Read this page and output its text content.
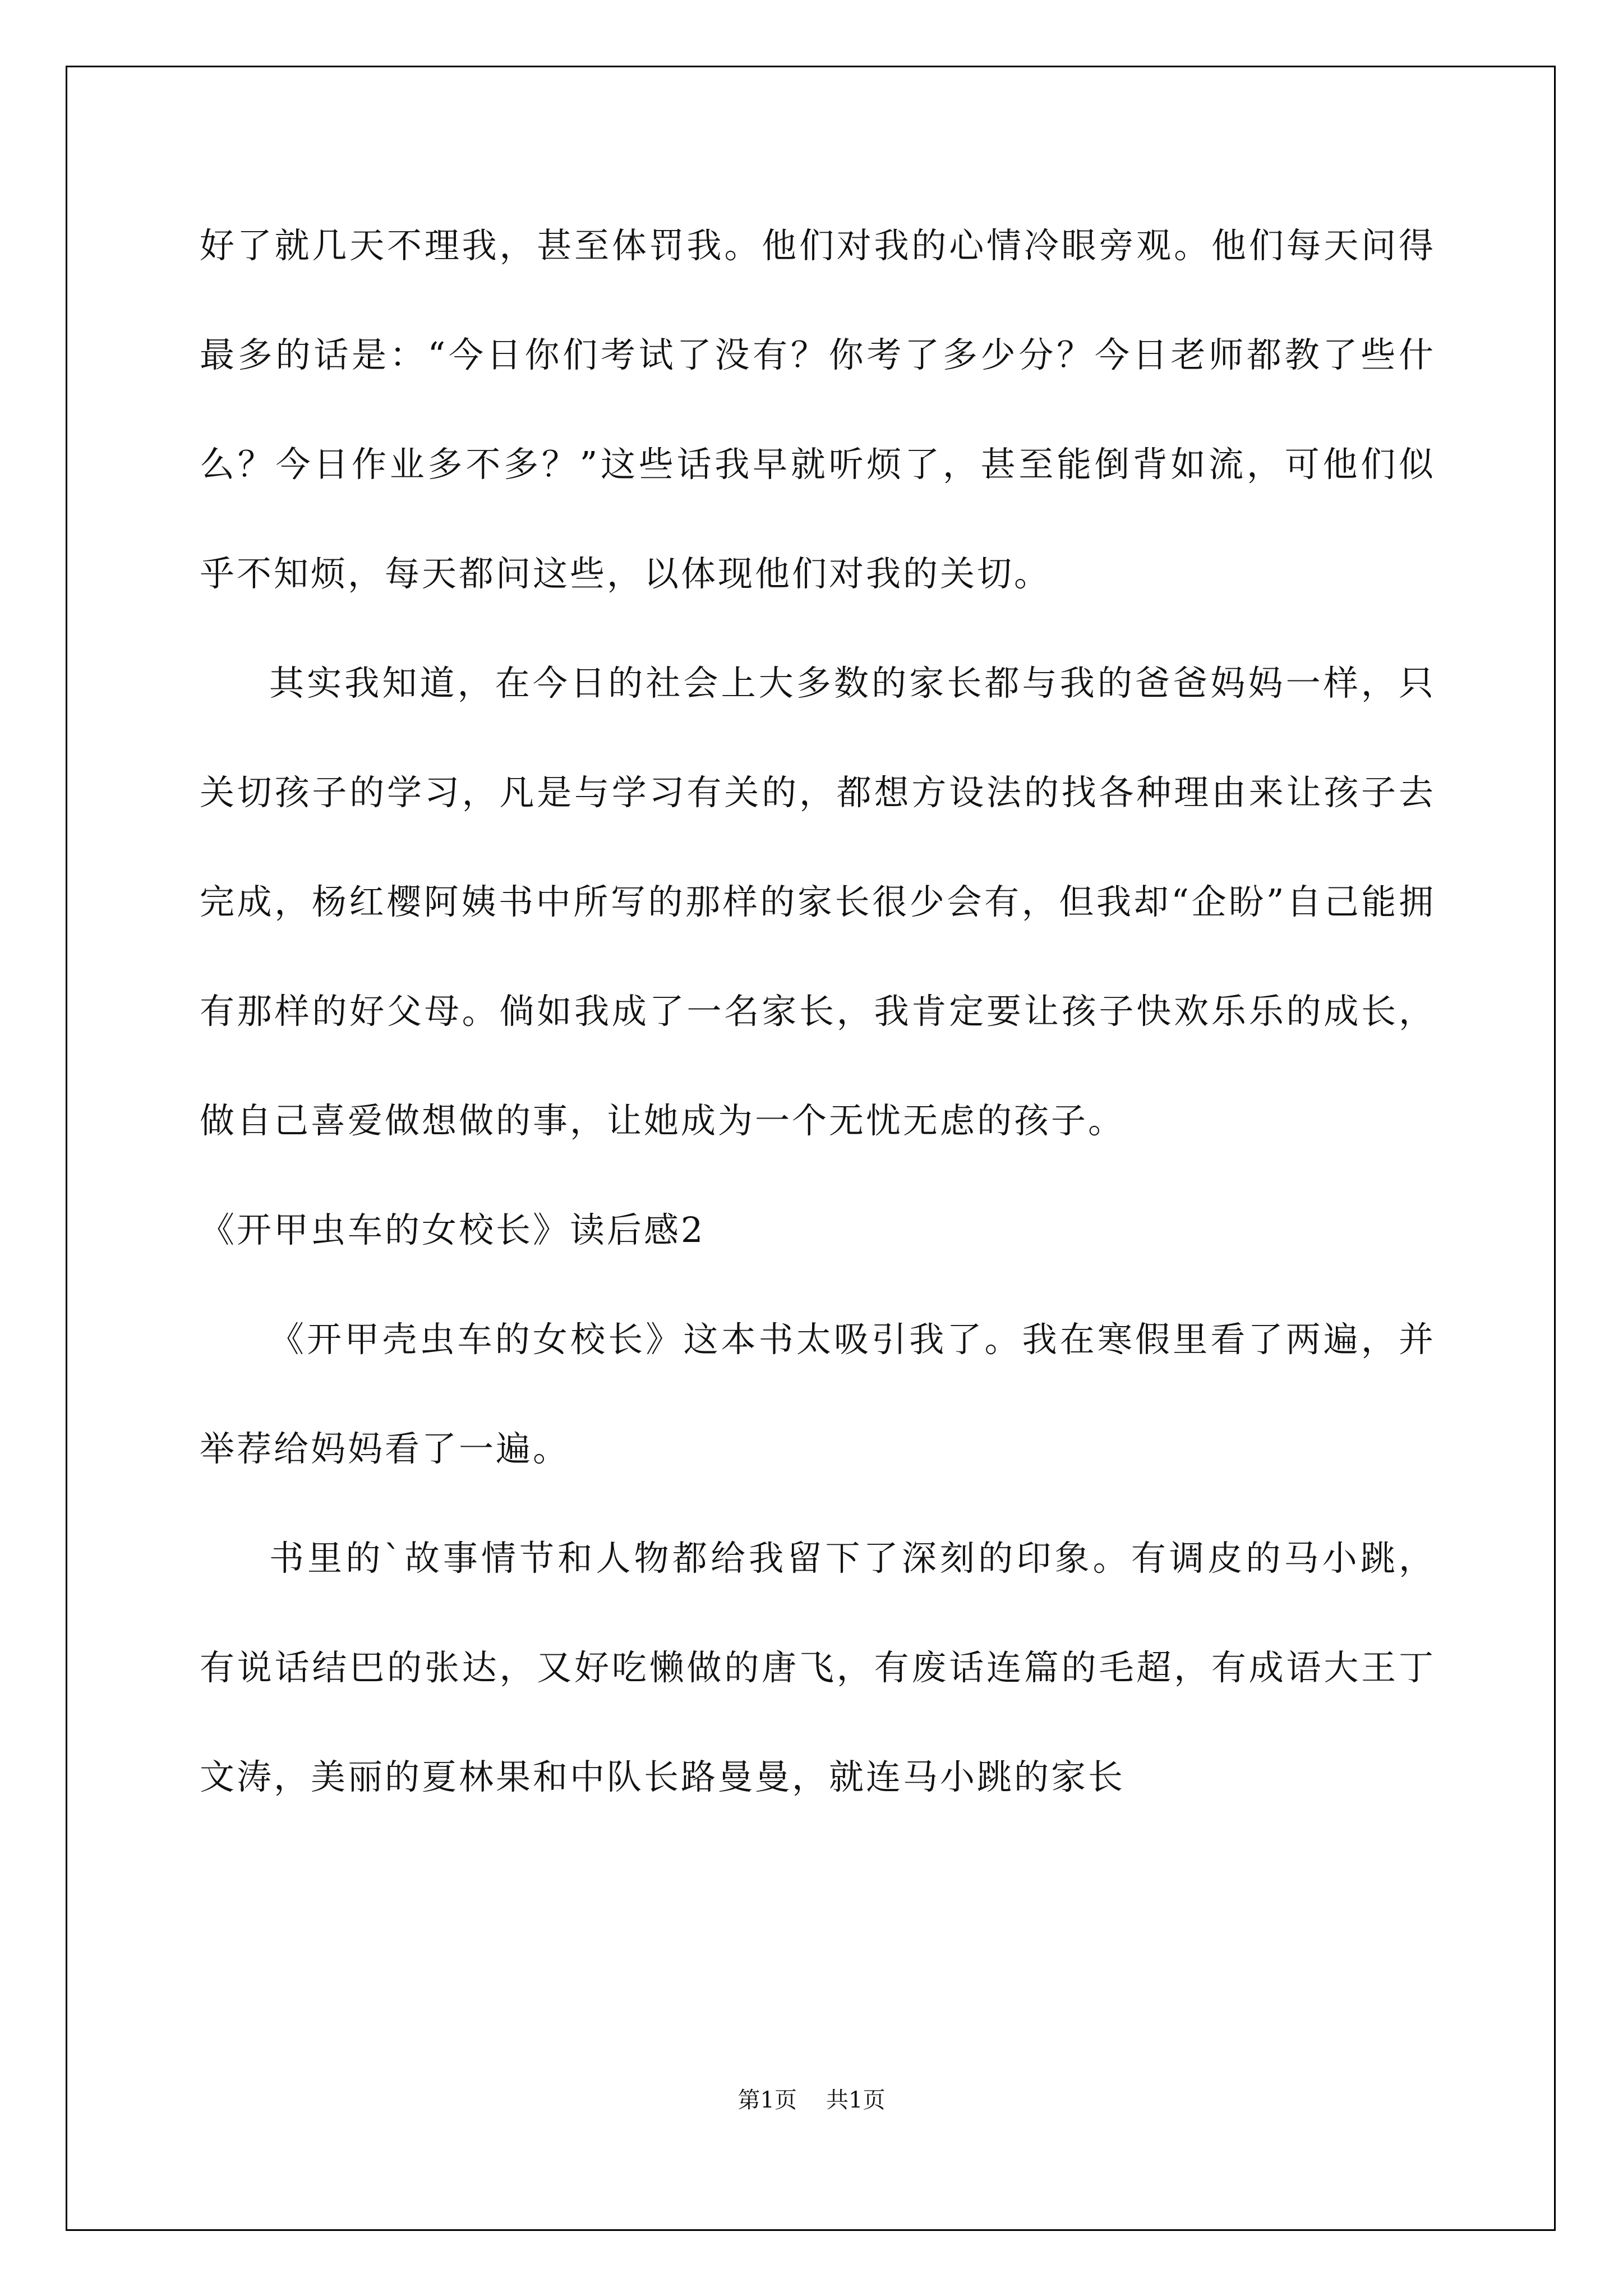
好了就几天不理我，甚至体罚我。他们对我的心情冷眼旁观。他们每天问得最多的话是：“今日你们考试了没有？你考了多少分？今日老师都教了些什么？今日作业多不多？”这些话我早就听烦了，甚至能倒背如流，可他们似乎不知烦，每天都问这些，以体现他们对我的关切。

其实我知道，在今日的社会上大多数的家长都与我的爸爸妈妈一样，只关切孩子的学习，凡是与学习有关的，都想方设法的找各种理由来让孩子去完成，杨红樱阿姨书中所写的那样的家长很少会有，但我却“企盼”自己能拥有那样的好父母。倘如我成了一名家长，我肯定要让孩子快欢乐乐的成长，做自己喜爱做想做的事，让她成为一个无忧无虑的孩子。

《开甲虫车的女校长》读后感2

《开甲壳虫车的女校长》这本书太吸引我了。我在寒假里看了两遍，并举荐给妈妈看了一遍。

书里的`故事情节和人物都给我留下了深刻的印象。有调皮的马小跳，有说话结巴的张达，又好吃懒做的唐飞，有废话连篇的毛超，有成语大王丁文涛，美丽的夏林果和中队长路曼曼，就连马小跳的家长

第1页 共1页
